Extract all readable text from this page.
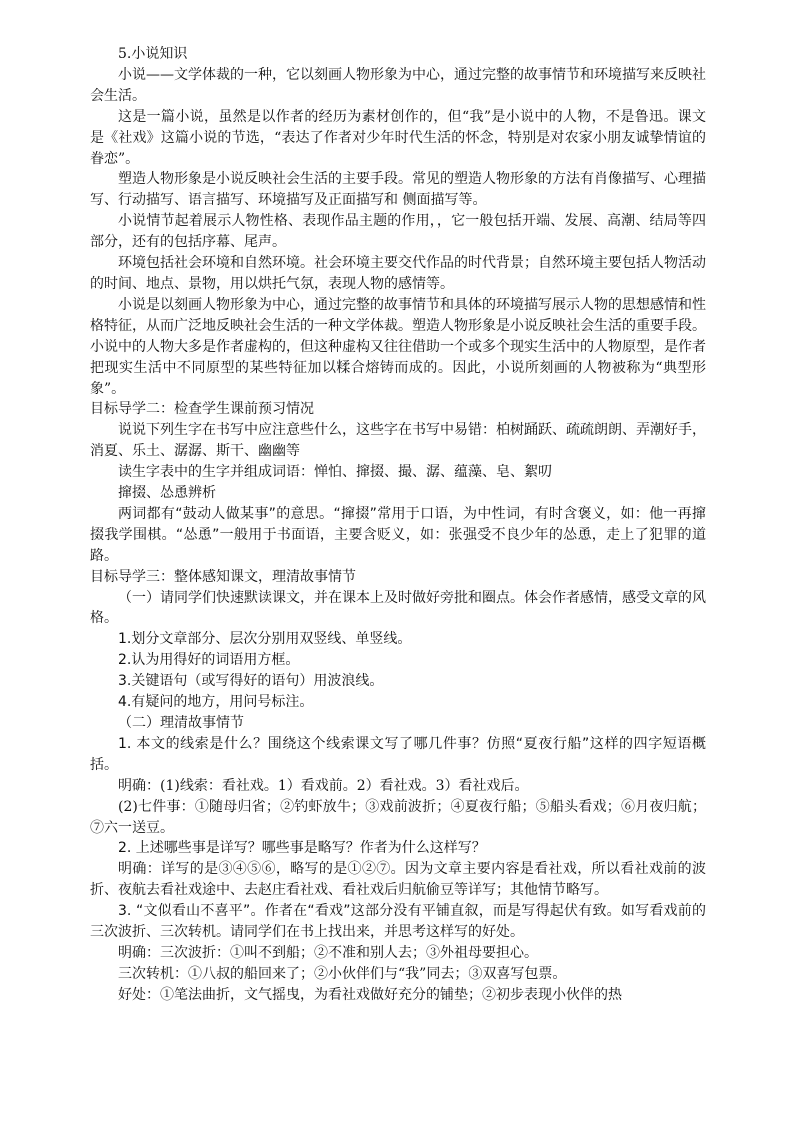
5.小说知识

小说——文学体裁的一种，它以刻画人物形象为中心，通过完整的故事情节和环境描写来反映社会生活。

这是一篇小说，虽然是以作者的经历为素材创作的，但“我”是小说中的人物，不是鲁迅。课文是《社戏》这篇小说的节选，“表达了作者对少年时代生活的怀念，特别是对农家小朋友诚挚情谊的眷恋”。

塑造人物形象是小说反映社会生活的主要手段。常见的塑造人物形象的方法有肖像描写、心理描写、行动描写、语言描写、环境描写及正面描写和 侧面描写等。

小说情节起着展示人物性格、表现作品主题的作用，，它一般包括开端、发展、高潮、结局等四部分，还有的包括序幕、尾声。

环境包括社会环境和自然环境。社会环境主要交代作品的时代背景；自然环境主要包括人物活动的时间、地点、景物，用以烘托气氛，表现人物的感情等。

小说是以刻画人物形象为中心，通过完整的故事情节和具体的环境描写展示人物的思想感情和性格特征，从而广泛地反映社会生活的一种文学体裁。塑造人物形象是小说反映社会生活的重要手段。小说中的人物大多是作者虚构的，但这种虚构又往往借助一个或多个现实生活中的人物原型，是作者把现实生活中不同原型的某些特征加以糅合熔铸而成的。因此，小说所刻画的人物被称为“典型形象”。

目标导学二：检查学生课前预习情况

说说下列生字在书写中应注意些什么，这些字在书写中易错：柏树踊跃、疏疏朗朗、弄潮好手，消夏、乐土、潺潺、斯干、幽幽等

读生字表中的生字并组成词语：惮怕、撺掇、撮、潺、蕴藻、皂、絮叨

撺掇、怂恿辨析

两词都有“鼓动人做某事”的意思。“撺掇”常用于口语，为中性词，有时含褒义，如：他一再撺掇我学围棋。“怂恿”一般用于书面语，主要含贬义，如：张强受不良少年的怂恿，走上了犯罪的道路。

目标导学三：整体感知课文，理清故事情节

（一）请同学们快速默读课文，并在课本上及时做好旁批和圈点。体会作者感情，感受文章的风格。

1.划分文章部分、层次分别用双竖线、单竖线。

2.认为用得好的词语用方框。

3.关键语句（或写得好的语句）用波浪线。

4.有疑问的地方，用问号标注。

（二）理清故事情节

1. 本文的线索是什么？围绕这个线索课文写了哪几件事？仿照“夏夜行船”这样的四字短语概括。

明确：(1)线索：看社戏。1）看戏前。2）看社戏。3）看社戏后。

(2)七件事：①随母归省；②钓虾放牛；③戏前波折；④夏夜行船；⑤船头看戏；⑥月夜归航；⑦六一送豆。

2. 上述哪些事是详写？哪些事是略写？作者为什么这样写？

明确：详写的是③④⑤⑥，略写的是①②⑦。因为文章主要内容是看社戏，所以看社戏前的波折、夜航去看社戏途中、去赵庄看社戏、看社戏后归航偷豆等详写；其他情节略写。

3. “文似看山不喜平”。作者在“看戏”这部分没有平铺直叙，而是写得起伏有致。如写看戏前的三次波折、三次转机。请同学们在书上找出来，并思考这样写的好处。

明确：三次波折：①叫不到船；②不准和别人去；③外祖母要担心。

三次转机：①八叔的船回来了；②小伙伴们与“我”同去；③双喜写包票。

好处：①笔法曲折，文气摇曳，为看社戏做好充分的铺垫；②初步表现小伙伴的热
